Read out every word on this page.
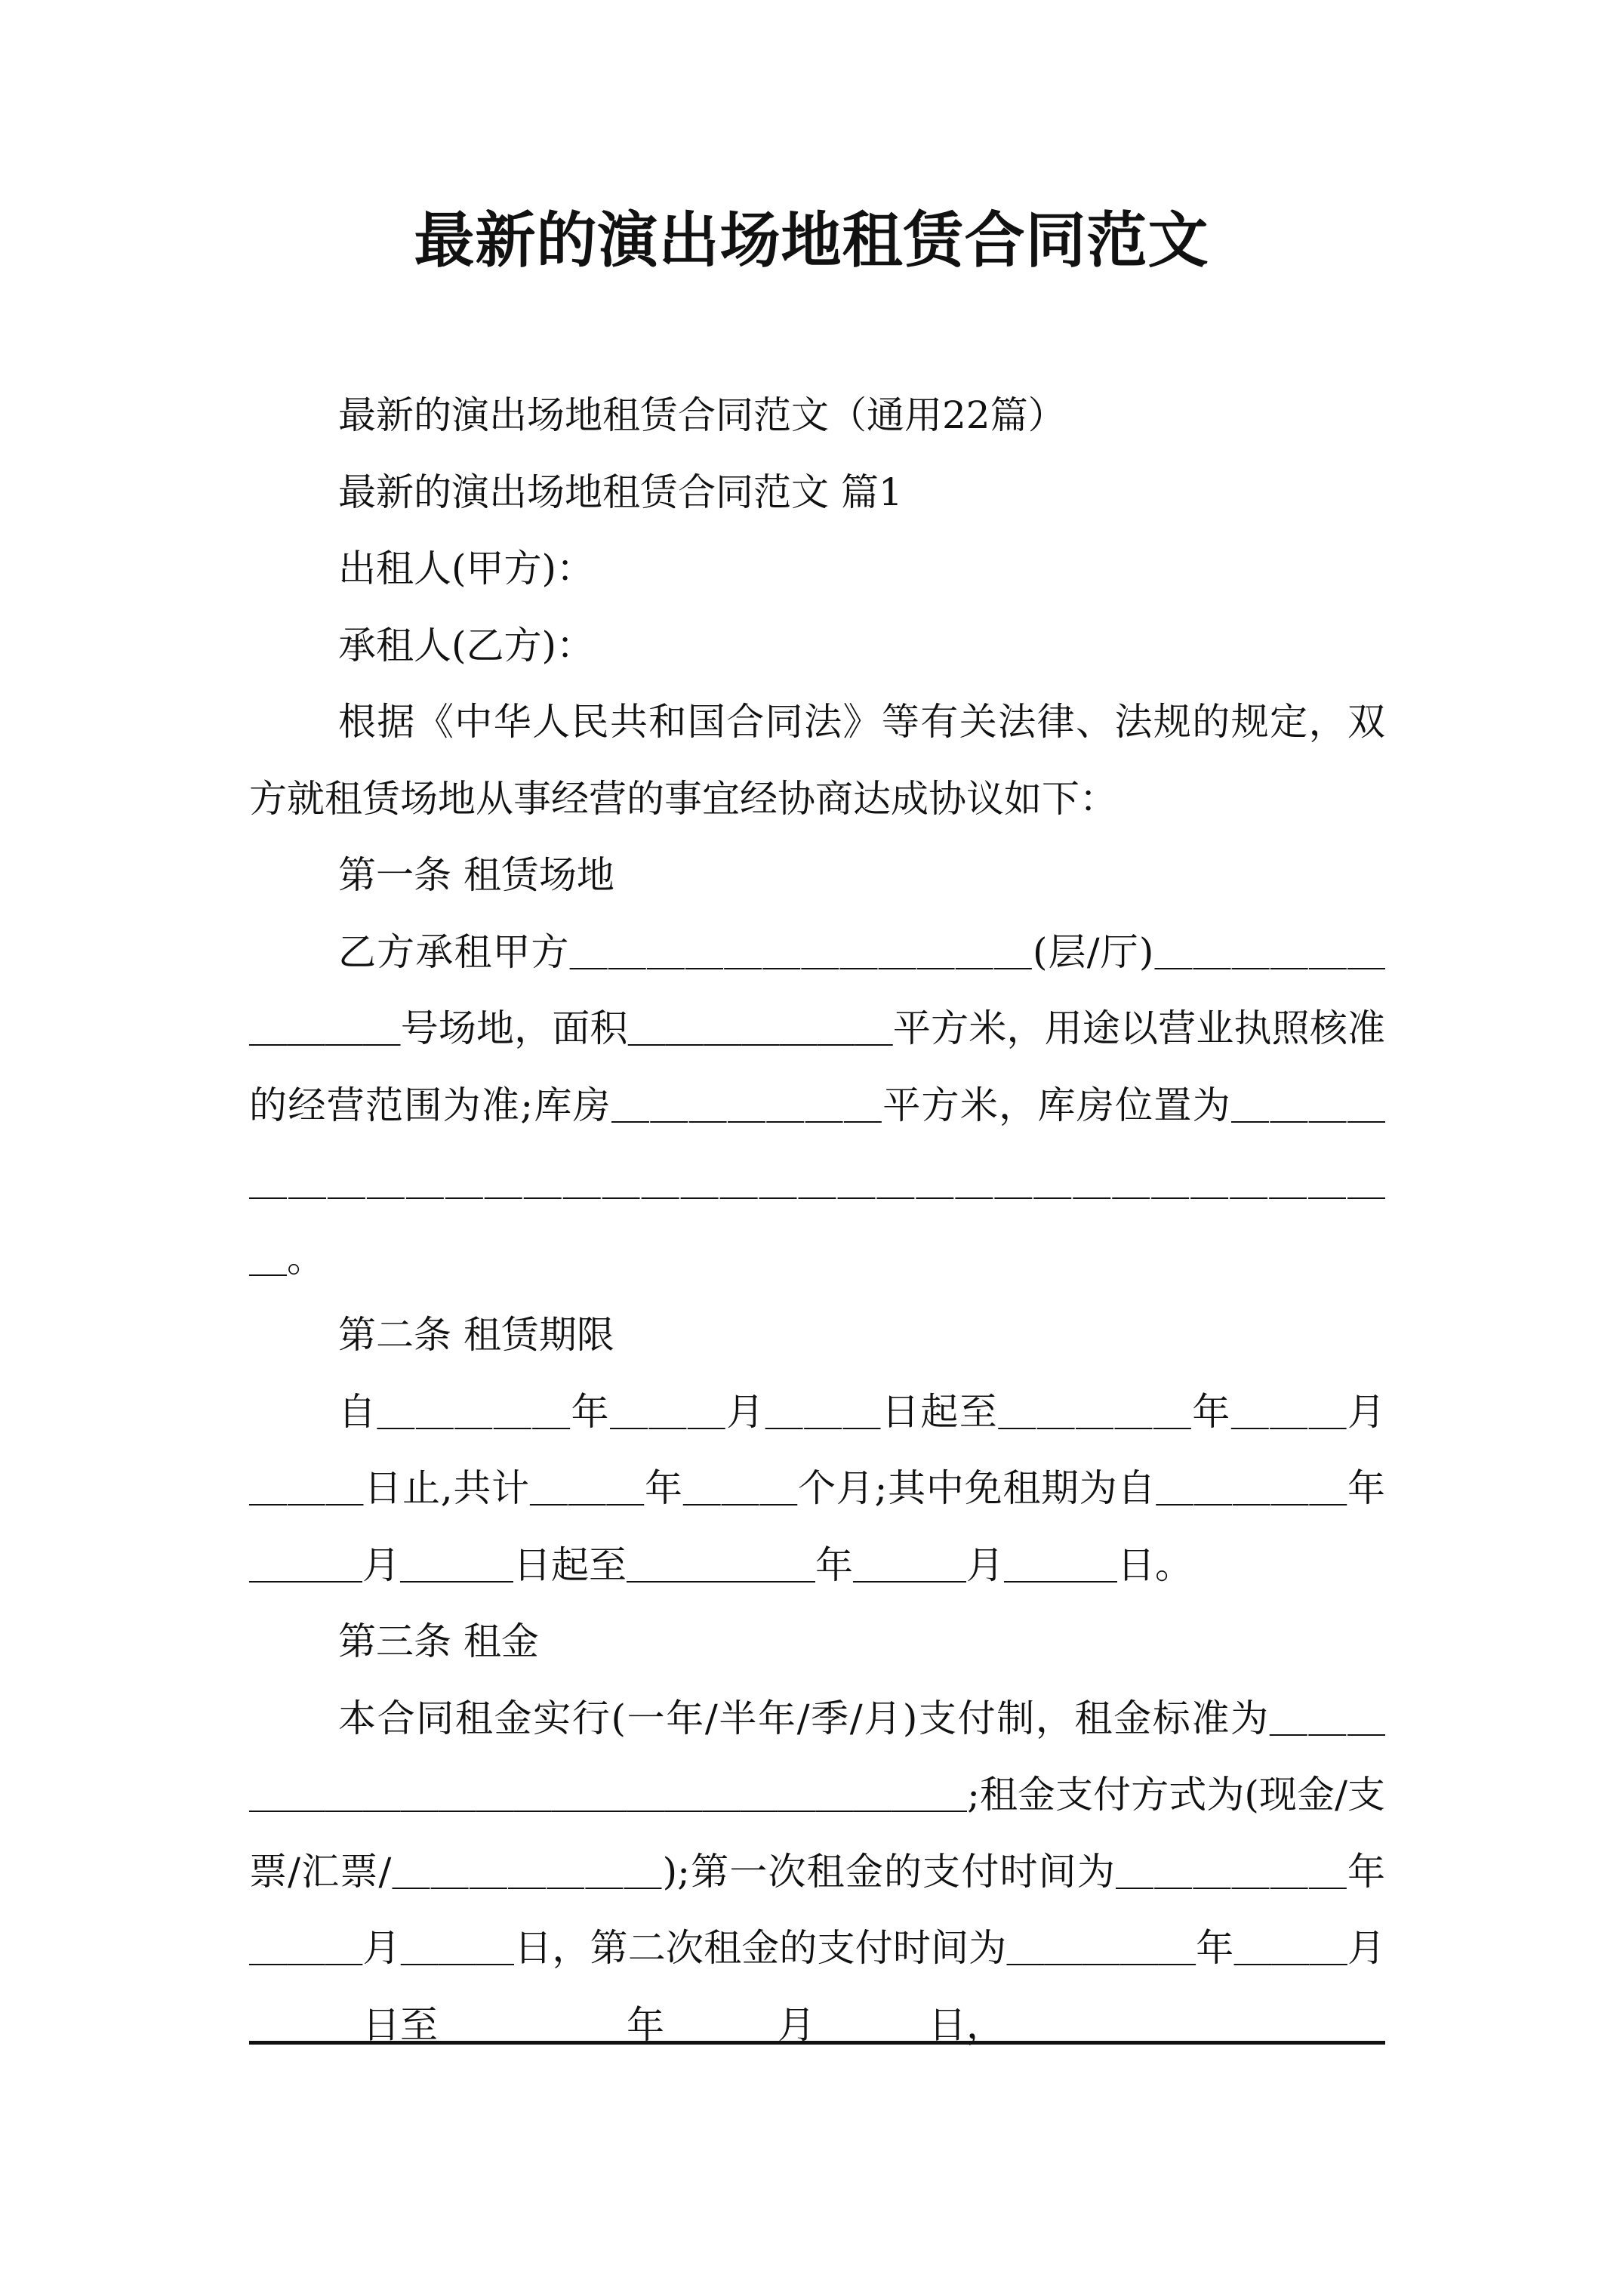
最新的演出场地租赁合同范文

最新的演出场地租赁合同范文（通用22篇）

最新的演出场地租赁合同范文 篇1

出租人(甲方)：

承租人(乙方)：

根据《中华人民共和国合同法》等有关法律、法规的规定，双方就租赁场地从事经营的事宜经协商达成协议如下：

第一条 租赁场地

乙方承租甲方＿＿＿＿＿＿＿＿＿＿＿＿(层/厅)＿＿＿＿＿＿＿＿＿＿号场地，面积＿＿＿＿＿＿＿平方米，用途以营业执照核准的经营范围为准;库房＿＿＿＿＿＿＿平方米，库房位置为＿＿＿＿＿＿＿＿＿＿＿＿＿＿＿＿＿＿＿＿＿＿＿＿＿＿＿＿＿＿＿＿＿＿。

第二条 租赁期限

自＿＿＿＿＿年＿＿＿月＿＿＿日起至＿＿＿＿＿年＿＿＿月＿＿＿日止,共计＿＿＿年＿＿＿个月;其中免租期为自＿＿＿＿＿年＿＿＿月＿＿＿日起至＿＿＿＿＿年＿＿＿月＿＿＿日。

第三条 租金

本合同租金实行(一年/半年/季/月)支付制，租金标准为＿＿＿＿＿＿＿＿＿＿＿＿＿＿＿＿＿＿＿＿＿＿;租金支付方式为(现金/支票/汇票/＿＿＿＿＿＿＿);第一次租金的支付时间为＿＿＿＿＿＿年＿＿＿月＿＿＿日，第二次租金的支付时间为＿＿＿＿＿年＿＿＿月＿＿＿日至＿＿＿＿＿年＿＿＿月＿＿＿日，＿＿＿＿＿＿＿＿＿＿
